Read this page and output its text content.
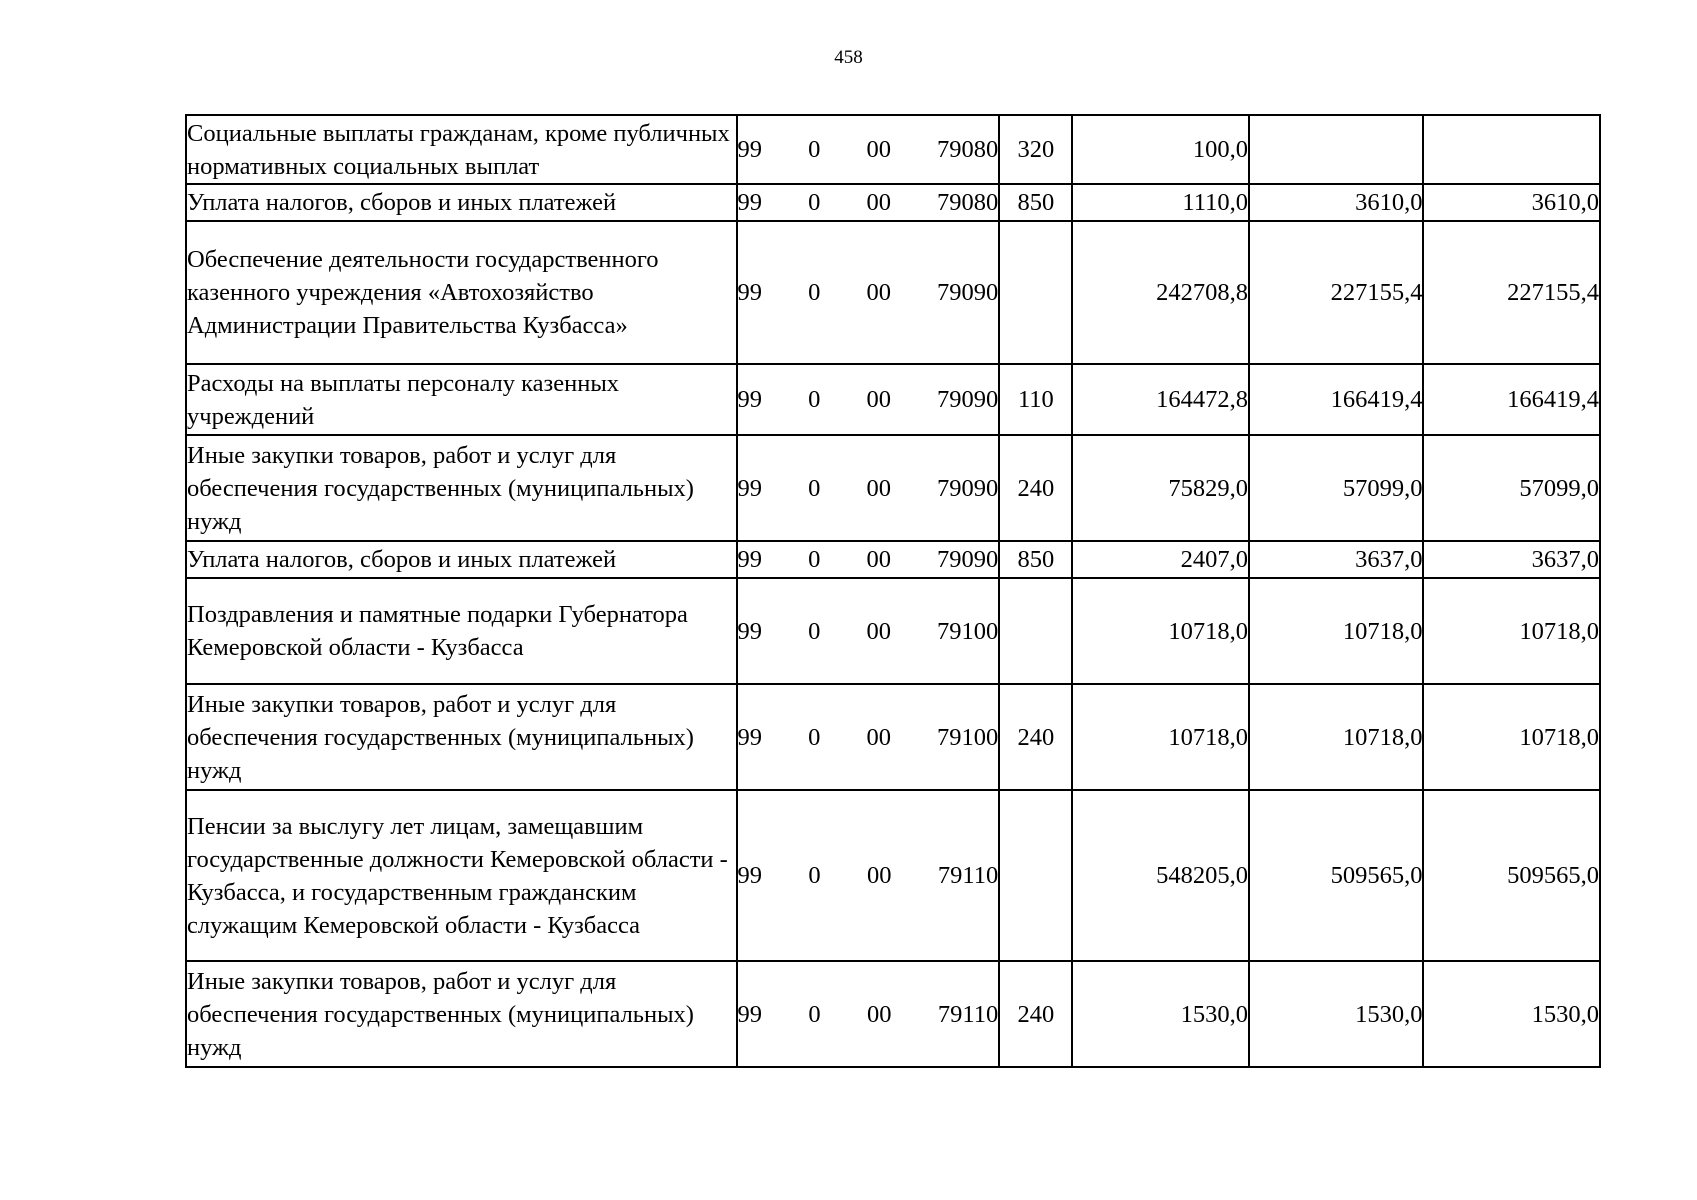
458
Социальные выплаты гражданам, кроме публичных нормативных социальных выплат	99 0 00 79080	320	100,0		
Уплата налогов, сборов и иных платежей	99 0 00 79080	850	1110,0	3610,0	3610,0
Обеспечение деятельности государственного казенного учреждения «Автохозяйство Администрации Правительства Кузбасса»	99 0 00 79090		242708,8	227155,4	227155,4
Расходы на выплаты персоналу казенных учреждений	99 0 00 79090	110	164472,8	166419,4	166419,4
Иные закупки товаров, работ и услуг для обеспечения государственных (муниципальных) нужд	99 0 00 79090	240	75829,0	57099,0	57099,0
Уплата налогов, сборов и иных платежей	99 0 00 79090	850	2407,0	3637,0	3637,0
Поздравления и памятные подарки Губернатора Кемеровской области - Кузбасса	99 0 00 79100		10718,0	10718,0	10718,0
Иные закупки товаров, работ и услуг для обеспечения государственных (муниципальных) нужд	99 0 00 79100	240	10718,0	10718,0	10718,0
Пенсии за выслугу лет лицам, замещавшим государственные должности Кемеровской области - Кузбасса, и государственным гражданским служащим Кемеровской области - Кузбасса	99 0 00 79110		548205,0	509565,0	509565,0
Иные закупки товаров, работ и услуг для обеспечения государственных (муниципальных) нужд	99 0 00 79110	240	1530,0	1530,0	1530,0
